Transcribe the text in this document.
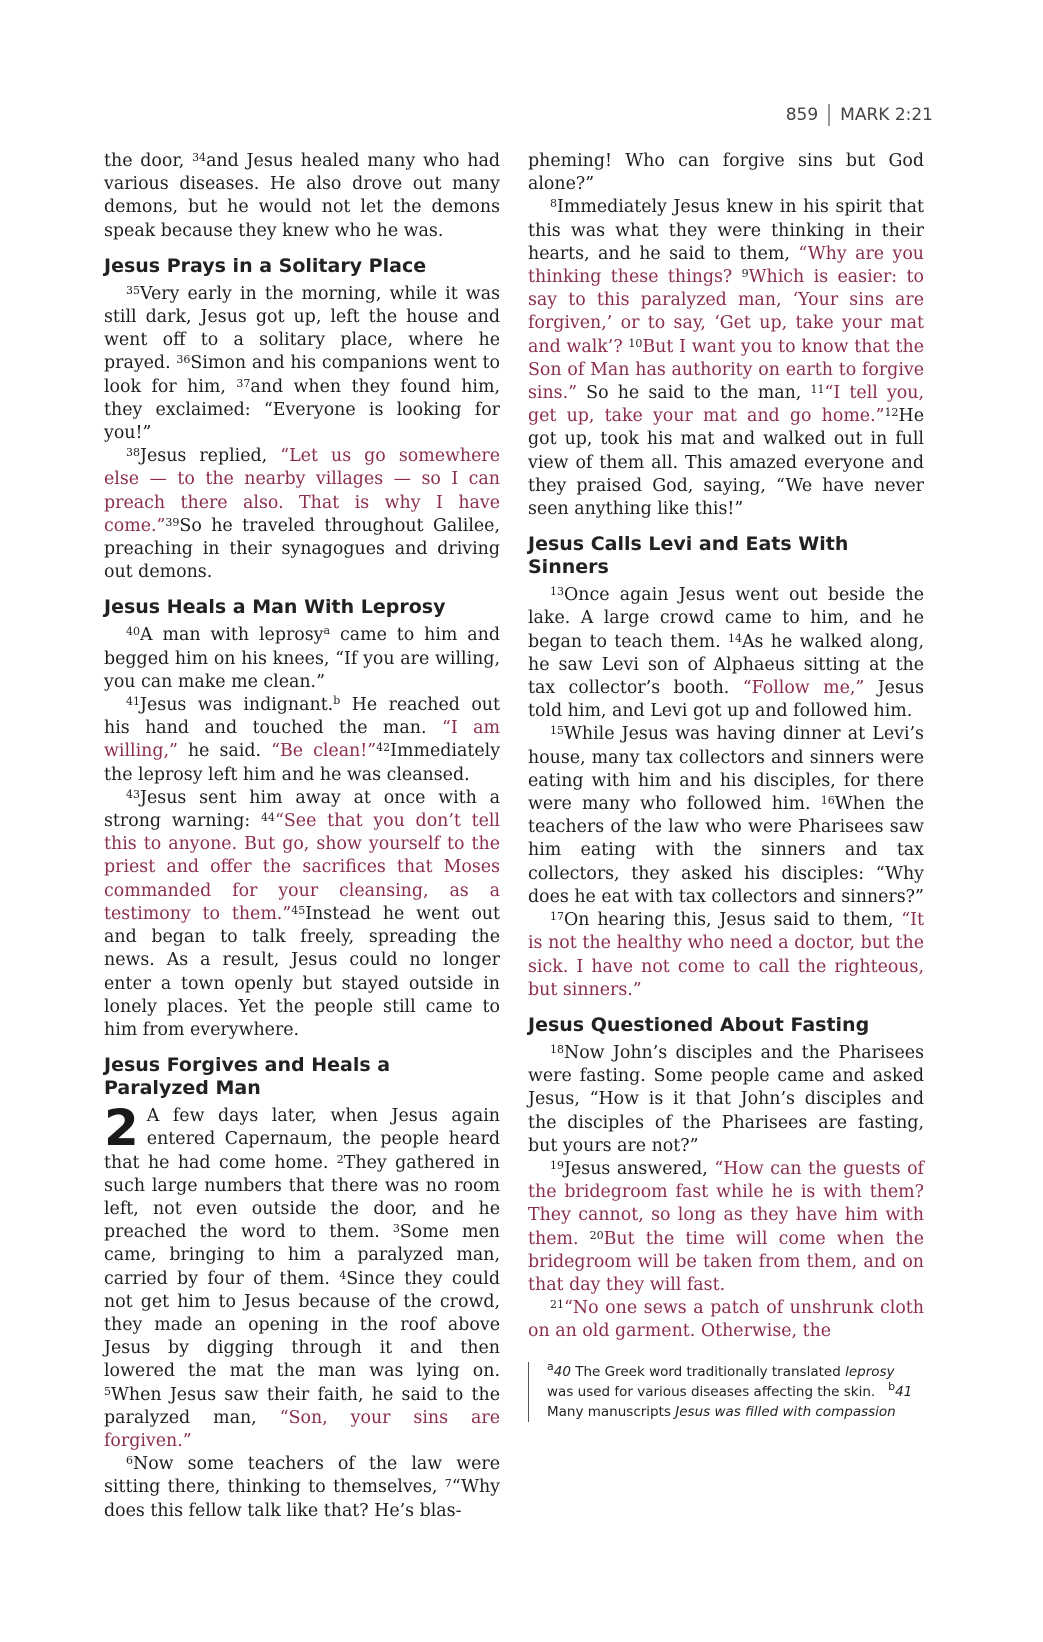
859 MARK 2:21

the door, $^{34}$and Jesus healed many who had various diseases. He also drove out many demons, but he would not let the demons speak because they knew who he was.

Jesus Prays in a Solitary Place

$^{35}$Very early in the morning, while it was still dark, Jesus got up, left the house and went off to a solitary place, where he prayed. $^{36}$Simon and his companions went to look for him, $^{37}$and when they found him, they exclaimed: “Everyone is looking for you!”

$^{38}$Jesus replied, “Let us go somewhere else — to the nearby villages — so I can preach there also. That is why I have come.”$^{39}$So he traveled throughout Galilee, preaching in their synagogues and driving out demons.

Jesus Heals a Man With Leprosy

$^{40}$A man with leprosy$^a$ came to him and begged him on his knees, “If you are willing, you can make me clean.”

$^{41}$Jesus was indignant.$^b$ He reached out his hand and touched the man. “I am willing,” he said. “Be clean!”$^{42}$Immediately the leprosy left him and he was cleansed.

$^{43}$Jesus sent him away at once with a strong warning: $^{44}$“See that you don’t tell this to anyone. But go, show yourself to the priest and offer the sacrifices that Moses commanded for your cleansing, as a testimony to them.”$^{45}$Instead he went out and began to talk freely, spreading the news. As a result, Jesus could no longer enter a town openly but stayed outside in lonely places. Yet the people still came to him from everywhere.

Jesus Forgives and Heals a Paralyzed Man

2 A few days later, when Jesus again entered Capernaum, the people heard that he had come home. $^2$They gathered in such large numbers that there was no room left, not even outside the door, and he preached the word to them. $^3$Some men came, bringing to him a paralyzed man, carried by four of them. $^4$Since they could not get him to Jesus because of the crowd, they made an opening in the roof above Jesus by digging through it and then lowered the mat the man was lying on. $^5$When Jesus saw their faith, he said to the paralyzed man, “Son, your sins are forgiven.”

$^6$Now some teachers of the law were sitting there, thinking to themselves, $^7$“Why does this fellow talk like that? He’s blas-

pheming! Who can forgive sins but God alone?”

$^8$Immediately Jesus knew in his spirit that this was what they were thinking in their hearts, and he said to them, “Why are you thinking these things? $^9$Which is easier: to say to this paralyzed man, ‘Your sins are forgiven,’ or to say, ‘Get up, take your mat and walk’? $^{10}$But I want you to know that the Son of Man has authority on earth to forgive sins.” So he said to the man, $^{11}$“I tell you, get up, take your mat and go home.”$^{12}$He got up, took his mat and walked out in full view of them all. This amazed everyone and they praised God, saying, “We have never seen anything like this!”

Jesus Calls Levi and Eats With Sinners

$^{13}$Once again Jesus went out beside the lake. A large crowd came to him, and he began to teach them. $^{14}$As he walked along, he saw Levi son of Alphaeus sitting at the tax collector’s booth. “Follow me,” Jesus told him, and Levi got up and followed him.

$^{15}$While Jesus was having dinner at Levi’s house, many tax collectors and sinners were eating with him and his disciples, for there were many who followed him. $^{16}$When the teachers of the law who were Pharisees saw him eating with the sinners and tax collectors, they asked his disciples: “Why does he eat with tax collectors and sinners?”

$^{17}$On hearing this, Jesus said to them, “It is not the healthy who need a doctor, but the sick. I have not come to call the righteous, but sinners.”

Jesus Questioned About Fasting

$^{18}$Now John’s disciples and the Pharisees were fasting. Some people came and asked Jesus, “How is it that John’s disciples and the disciples of the Pharisees are fasting, but yours are not?”

$^{19}$Jesus answered, “How can the guests of the bridegroom fast while he is with them? They cannot, so long as they have him with them. $^{20}$But the time will come when the bridegroom will be taken from them, and on that day they will fast.

$^{21}$“No one sews a patch of unshrunk cloth on an old garment. Otherwise, the

$^a$40 The Greek word traditionally translated leprosy was used for various diseases affecting the skin. $^b$41 Many manuscripts Jesus was filled with compassion
